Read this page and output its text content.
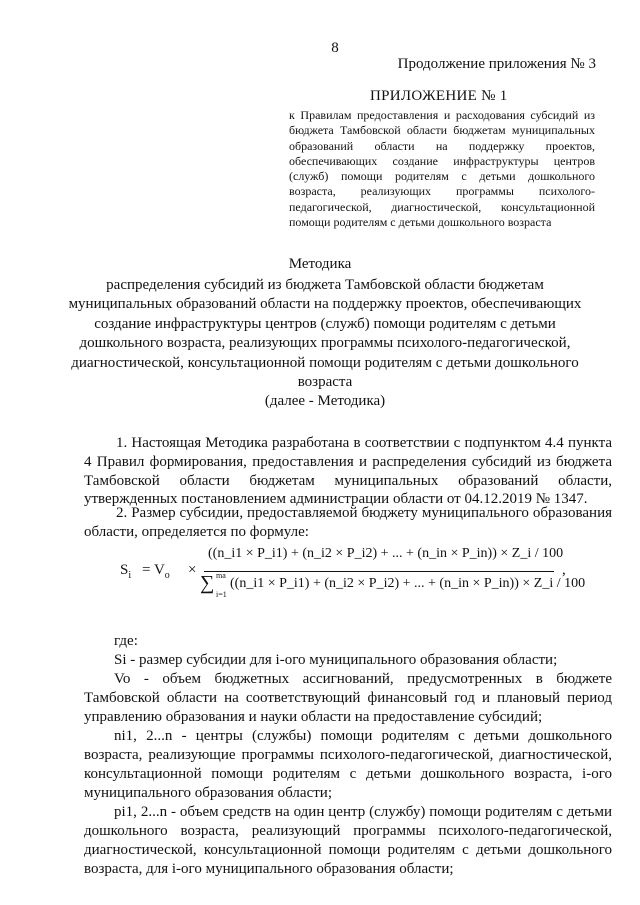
8
Продолжение приложения № 3
ПРИЛОЖЕНИЕ № 1
к Правилам предоставления и расходования субсидий из бюджета Тамбовской области бюджетам муниципальных образований области на поддержку проектов, обеспечивающих создание инфраструктуры центров (служб) помощи родителям с детьми дошкольного возраста, реализующих программы психолого-педагогической, диагностической, консультационной помощи родителям с детьми дошкольного возраста
Методика
распределения субсидий из бюджета Тамбовской области бюджетам муниципальных образований области на поддержку проектов, обеспечивающих создание инфраструктуры центров (служб) помощи родителям с детьми дошкольного возраста, реализующих программы психолого-педагогической, диагностической, консультационной помощи родителям с детьми дошкольного возраста
(далее - Методика)
1. Настоящая Методика разработана в соответствии с подпунктом 4.4 пункта 4 Правил формирования, предоставления и распределения субсидий из бюджета Тамбовской области бюджетам муниципальных образований области, утвержденных постановлением администрации области от 04.12.2019 № 1347.
2. Размер субсидии, предоставляемой бюджету муниципального образования области, определяется по формуле:
$S_i = V_o$ ×
((n_i1 × P_i1) + (n_i2 × P_i2) + ... + (n_in × P_in)) × Z_i / 100
∑ ma
i=1
((n_i1 × P_i1) + (n_i2 × P_i2) + ... + (n_in × P_in)) × Z_i / 100
,

где:

Si - размер субсидии для i-ого муниципального образования области;

Vo - объем бюджетных ассигнований, предусмотренных в бюджете Тамбовской области на соответствующий финансовый год и плановый период управлению образования и науки области на предоставление субсидий;

ni1, 2...n - центры (службы) помощи родителям с детьми дошкольного возраста, реализующие программы психолого-педагогической, диагностической, консультационной помощи родителям с детьми дошкольного возраста, i-ого муниципального образования области;

pi1, 2...n - объем средств на один центр (службу) помощи родителям с детьми дошкольного возраста, реализующий программы психолого-педагогической, диагностической, консультационной помощи родителям с детьми дошкольного возраста, для i-ого муниципального образования области;
